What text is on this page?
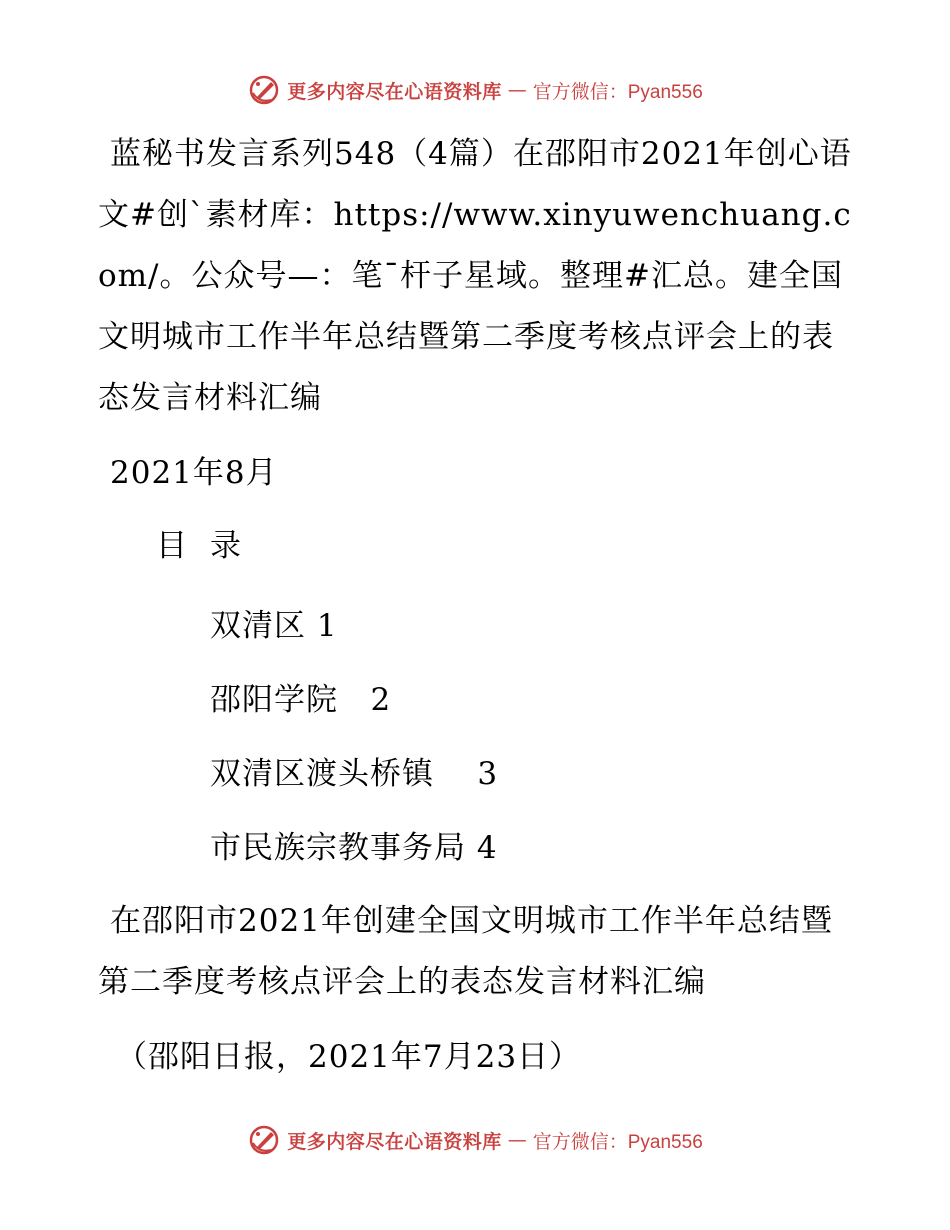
更多内容尽在心语资料库 — 官方微信：Pyan556

蓝秘书发言系列548（4篇）在邵阳市2021年创心语文#创`素材库：https://www.xinyuwenchuang.com/。公众号—：笔¯杆子星域。整理#汇总。建全国文明城市工作半年总结暨第二季度考核点评会上的表态发言材料汇编

2021年8月
目 录
双清区 1
邵阳学院   2
双清区渡头桥镇    3
市民族宗教事务局 4

在邵阳市2021年创建全国文明城市工作半年总结暨第二季度考核点评会上的表态发言材料汇编

（邵阳日报，2021年7月23日）
更多内容尽在心语资料库 — 官方微信：Pyan556
